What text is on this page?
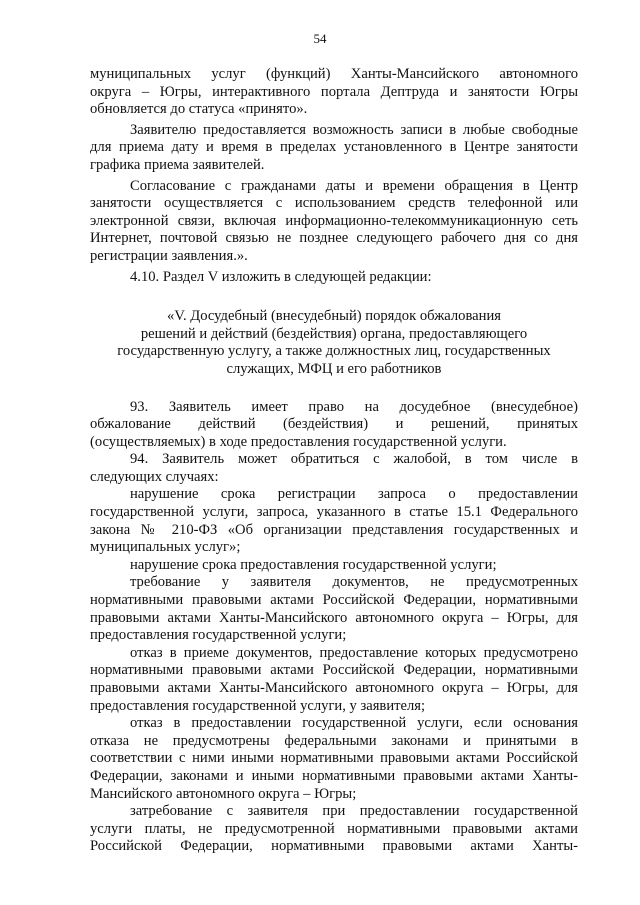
54
муниципальных услуг (функций) Ханты-Мансийского автономного
округа – Югры, интерактивного портала Дептруда и занятости Югры
обновляется до статуса «принято».
Заявителю предоставляется возможность записи в любые свободные
для приема дату и время в пределах установленного в Центре занятости
графика приема заявителей.
Согласование с гражданами даты и времени обращения в Центр
занятости осуществляется с использованием средств телефонной или
электронной связи, включая информационно-телекоммуникационную сеть
Интернет, почтовой связью не позднее следующего рабочего дня со дня
регистрации заявления.».
4.10. Раздел V изложить в следующей редакции:
«V. Досудебный (внесудебный) порядок обжалования
решений и действий (бездействия) органа, предоставляющего
государственную услугу, а также должностных лиц, государственных
служащих, МФЦ и его работников
93. Заявитель имеет право на досудебное (внесудебное)
обжалование действий (бездействия) и решений, принятых
(осуществляемых) в ходе предоставления государственной услуги.
94. Заявитель может обратиться с жалобой, в том числе в
следующих случаях:
нарушение срока регистрации запроса о предоставлении
государственной услуги, запроса, указанного в статье 15.1 Федерального
закона № 210-ФЗ «Об организации представления государственных и
муниципальных услуг»;
нарушение срока предоставления государственной услуги;
требование у заявителя документов, не предусмотренных
нормативными правовыми актами Российской Федерации, нормативными
правовыми актами Ханты-Мансийского автономного округа – Югры, для
предоставления государственной услуги;
отказ в приеме документов, предоставление которых предусмотрено
нормативными правовыми актами Российской Федерации, нормативными
правовыми актами Ханты-Мансийского автономного округа – Югры, для
предоставления государственной услуги, у заявителя;
отказ в предоставлении государственной услуги, если основания
отказа не предусмотрены федеральными законами и принятыми в
соответствии с ними иными нормативными правовыми актами Российской
Федерации, законами и иными нормативными правовыми актами Ханты-
Мансийского автономного округа – Югры;
затребование с заявителя при предоставлении государственной
услуги платы, не предусмотренной нормативными правовыми актами
Российской Федерации, нормативными правовыми актами Ханты-
